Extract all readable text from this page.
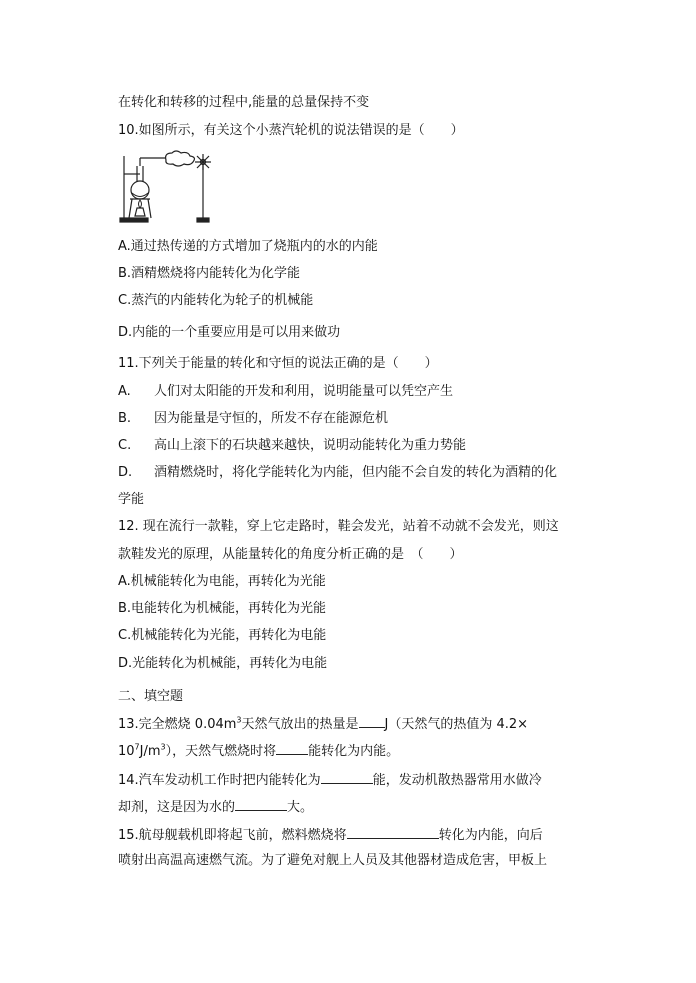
在转化和转移的过程中,能量的总量保持不变
10.如图所示，有关这个小蒸汽轮机的说法错误的是（　　）
A.通过热传递的方式增加了烧瓶内的水的内能
B.酒精燃烧将内能转化为化学能
C.蒸汽的内能转化为轮子的机械能
D.内能的一个重要应用是可以用来做功
11.下列关于能量的转化和守恒的说法正确的是（　　）
A. 人们对太阳能的开发和利用，说明能量可以凭空产生
B. 因为能量是守恒的，所发不存在能源危机
C. 高山上滚下的石块越来越快，说明动能转化为重力势能
D. 酒精燃烧时，将化学能转化为内能，但内能不会自发的转化为酒精的化
学能
12. 现在流行一款鞋，穿上它走路时，鞋会发光，站着不动就不会发光，则这
款鞋发光的原理，从能量转化的角度分析正确的是　（　　）
A.机械能转化为电能，再转化为光能
B.电能转化为机械能，再转化为光能
C.机械能转化为光能，再转化为电能
D.光能转化为机械能，再转化为电能
二、填空题
13.完全燃烧 $0.04m^3$天然气放出的热量是 J（天然气的热值为 4.2×
$10^7J/m^3$），天然气燃烧时将 能转化为内能。
14.汽车发动机工作时把内能转化为	能，发动机散热器常用水做冷
却剂，这是因为水的	大。
15.航母舰载机即将起飞前，燃料燃烧将	转化为内能，向后
喷射出高温高速燃气流。为了避免对舰上人员及其他器材造成危害，甲板上
